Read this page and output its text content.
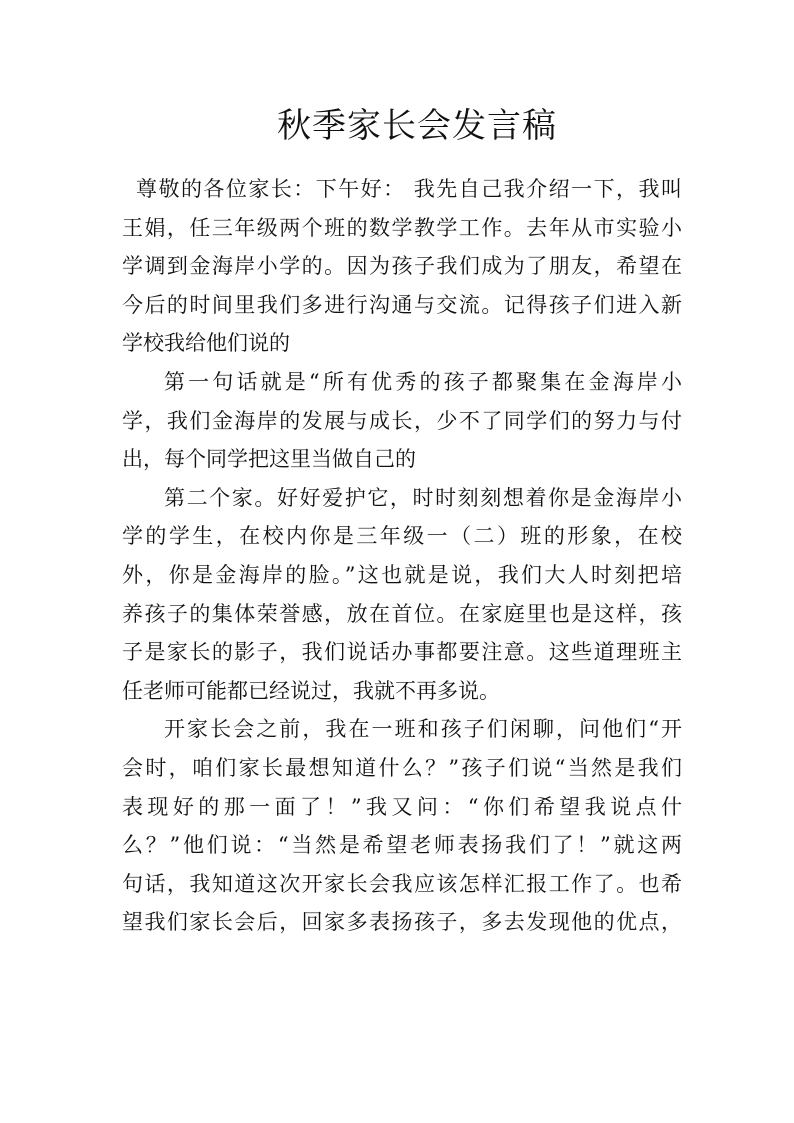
秋季家长会发言稿
尊敬的各位家长：下午好： 我先自己我介绍一下，我叫
王娟，任三年级两个班的数学教学工作。去年从市实验小
学调到金海岸小学的。因为孩子我们成为了朋友，希望在
今后的时间里我们多进行沟通与交流。记得孩子们进入新
学校我给他们说的
第一句话就是“所有优秀的孩子都聚集在金海岸小
学，我们金海岸的发展与成长，少不了同学们的努力与付
出，每个同学把这里当做自己的
第二个家。好好爱护它，时时刻刻想着你是金海岸小
学的学生，在校内你是三年级一（二）班的形象，在校
外，你是金海岸的脸。”这也就是说，我们大人时刻把培
养孩子的集体荣誉感，放在首位。在家庭里也是这样，孩
子是家长的影子，我们说话办事都要注意。这些道理班主
任老师可能都已经说过，我就不再多说。
开家长会之前，我在一班和孩子们闲聊，问他们“开
会时，咱们家长最想知道什么？”孩子们说“当然是我们
表现好的那一面了！”我又问：“你们希望我说点什
么？”他们说：“当然是希望老师表扬我们了！”就这两
句话，我知道这次开家长会我应该怎样汇报工作了。也希
望我们家长会后，回家多表扬孩子，多去发现他的优点，
